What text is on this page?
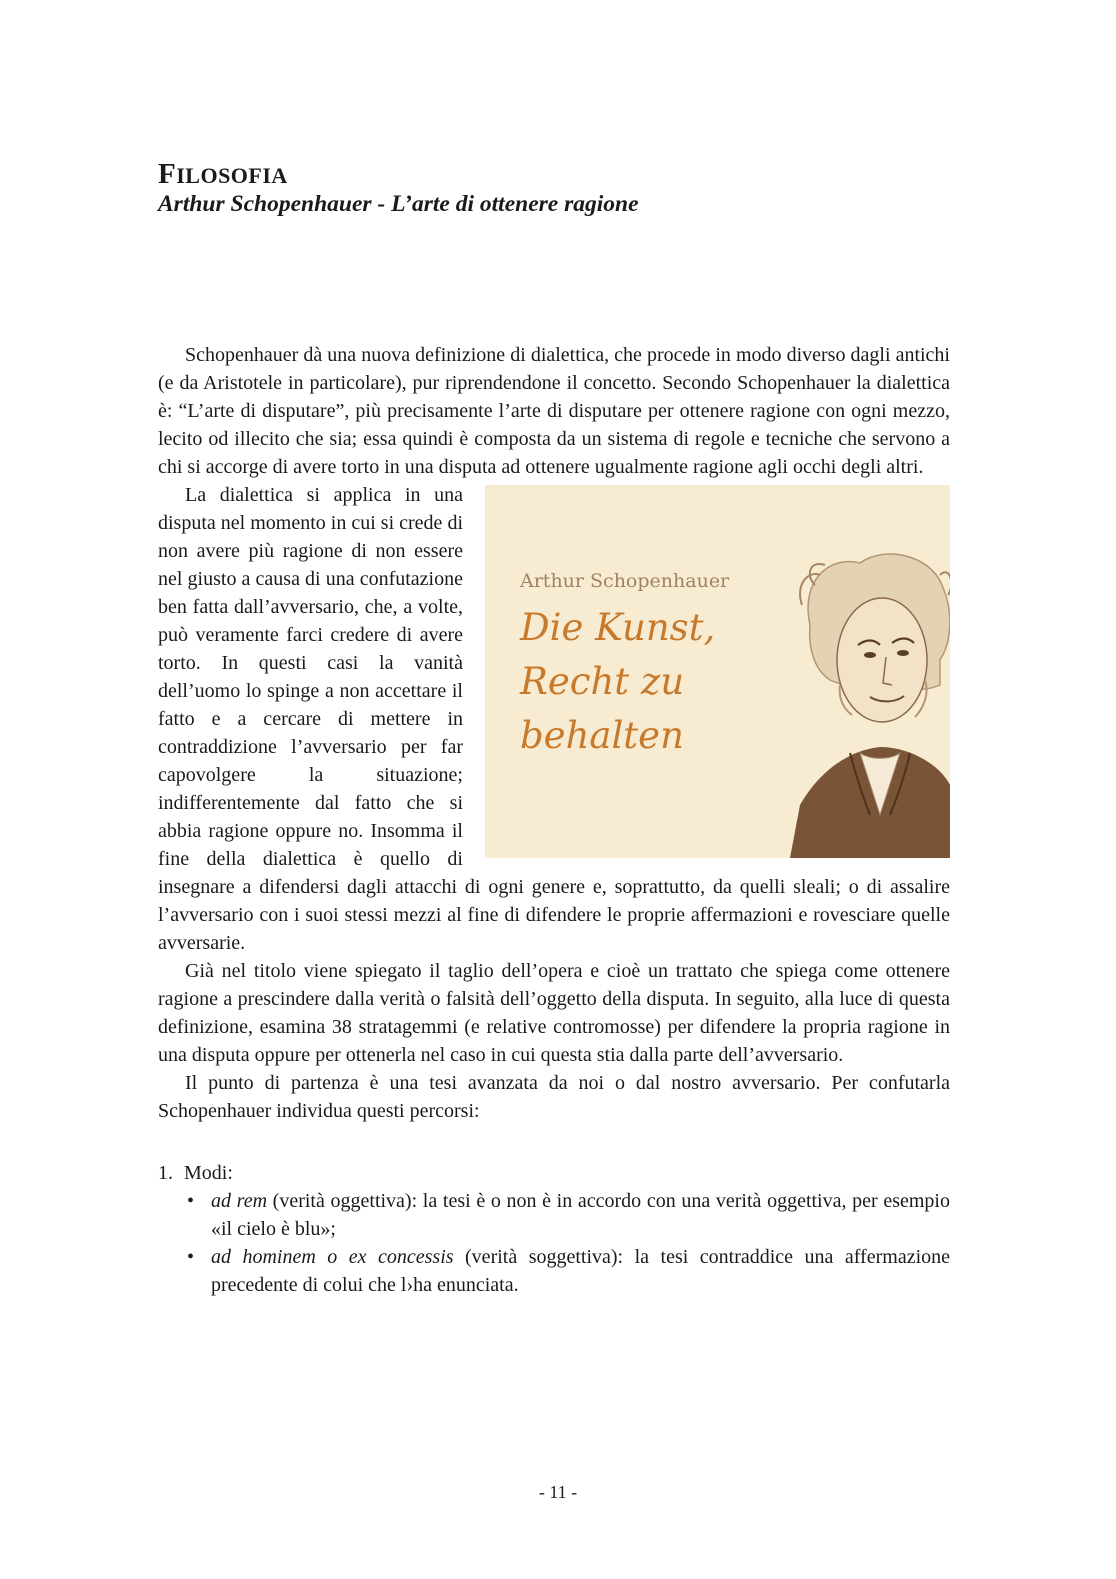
FILOSOFIA
Arthur Schopenhauer - L’arte di ottenere ragione

Schopenhauer dà una nuova definizione di dialettica, che procede in modo diverso dagli antichi (e da Aristotele in particolare), pur riprendendone il concetto. Secondo Schopenhauer la dialettica è: “L’arte di disputare”, più precisamente l’arte di disputare per ottenere ragione con ogni mezzo, lecito od illecito che sia; essa quindi è composta da un sistema di regole e tecniche che servono a chi si accorge di avere torto in una disputa ad ottenere ugualmente ragione agli occhi degli altri.

Arthur Schopenhauer
Die Kunst,
Recht zu
behalten

La dialettica si applica in una disputa nel momento in cui si crede di non avere più ragione di non essere nel giusto a causa di una confutazione ben fatta dall’avversario, che, a volte, può veramente farci credere di avere torto. In questi casi la vanità dell’uomo lo spinge a non accettare il fatto e a cercare di mettere in contraddizione l’avversario per far capovolgere la situazione; indifferentemente dal fatto che si abbia ragione oppure no. Insomma il fine della dialettica è quello di insegnare a difendersi dagli attacchi di ogni genere e, soprattutto, da quelli sleali; o di assalire l’avversario con i suoi stessi mezzi al fine di difendere le proprie affermazioni e rovesciare quelle avversarie.

Già nel titolo viene spiegato il taglio dell’opera e cioè un trattato che spiega come ottenere ragione a prescindere dalla verità o falsità dell’oggetto della disputa. In seguito, alla luce di questa definizione, esamina 38 stratagemmi (e relative contromosse) per difendere la propria ragione in una disputa oppure per ottenerla nel caso in cui questa stia dalla parte dell’avversario.

Il punto di partenza è una tesi avanzata da noi o dal nostro avversario. Per confutarla Schopenhauer individua questi percorsi:

1. Modi:
• ad rem (verità oggettiva): la tesi è o non è in accordo con una verità oggettiva, per esempio «il cielo è blu»;
• ad hominem o ex concessis (verità soggettiva): la tesi contraddice una affermazione precedente di colui che l›ha enunciata.
- 11 -
